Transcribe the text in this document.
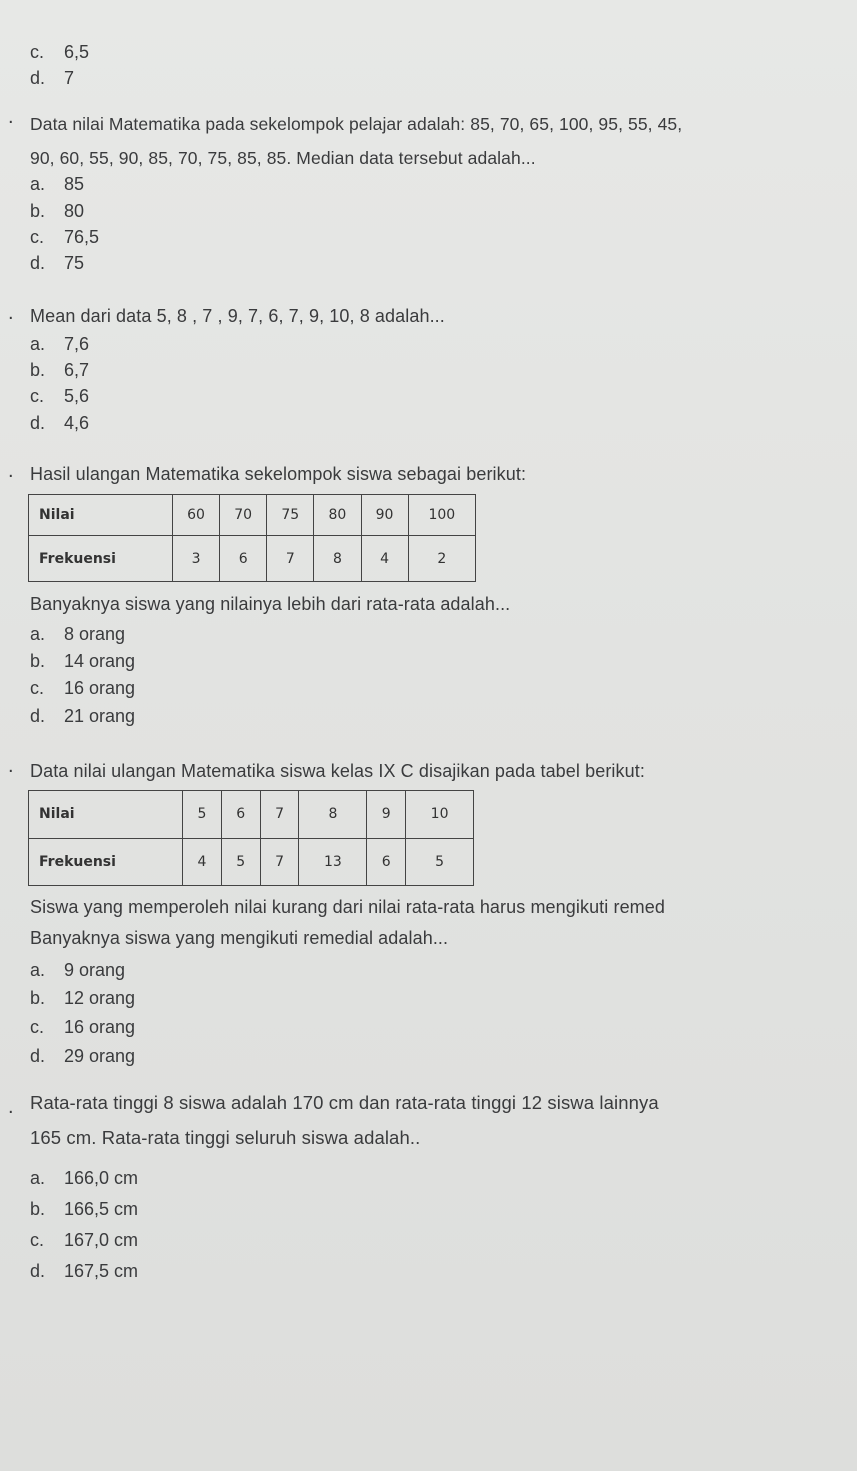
c. 6,5
d. 7
. Data nilai Matematika pada sekelompok pelajar adalah: 85, 70, 65, 100, 95, 55, 45,
90, 60, 55, 90, 85, 70, 75, 85, 85. Median data tersebut adalah...
a. 85
b. 80
c. 76,5
d. 75
. Mean dari data 5, 8 , 7 , 9, 7, 6, 7, 9, 10, 8 adalah...
a. 7,6
b. 6,7
c. 5,6
d. 4,6
. Hasil ulangan Matematika sekelompok siswa sebagai berikut:
Nilai	60	70	75	80	90	100
Frekuensi	3	6	7	8	4	2
Banyaknya siswa yang nilainya lebih dari rata-rata adalah...
a. 8 orang
b. 14 orang
c. 16 orang
d. 21 orang
. Data nilai ulangan Matematika siswa kelas IX C disajikan pada tabel berikut:
Nilai	5	6	7	8	9	10
Frekuensi	4	5	7	13	6	5
Siswa yang memperoleh nilai kurang dari nilai rata-rata harus mengikuti remed
Banyaknya siswa yang mengikuti remedial adalah...
a. 9 orang
b. 12 orang
c. 16 orang
d. 29 orang
. Rata-rata tinggi 8 siswa adalah 170 cm dan rata-rata tinggi 12 siswa lainnya
165 cm. Rata-rata tinggi seluruh siswa adalah..
a. 166,0 cm
b. 166,5 cm
c. 167,0 cm
d. 167,5 cm
